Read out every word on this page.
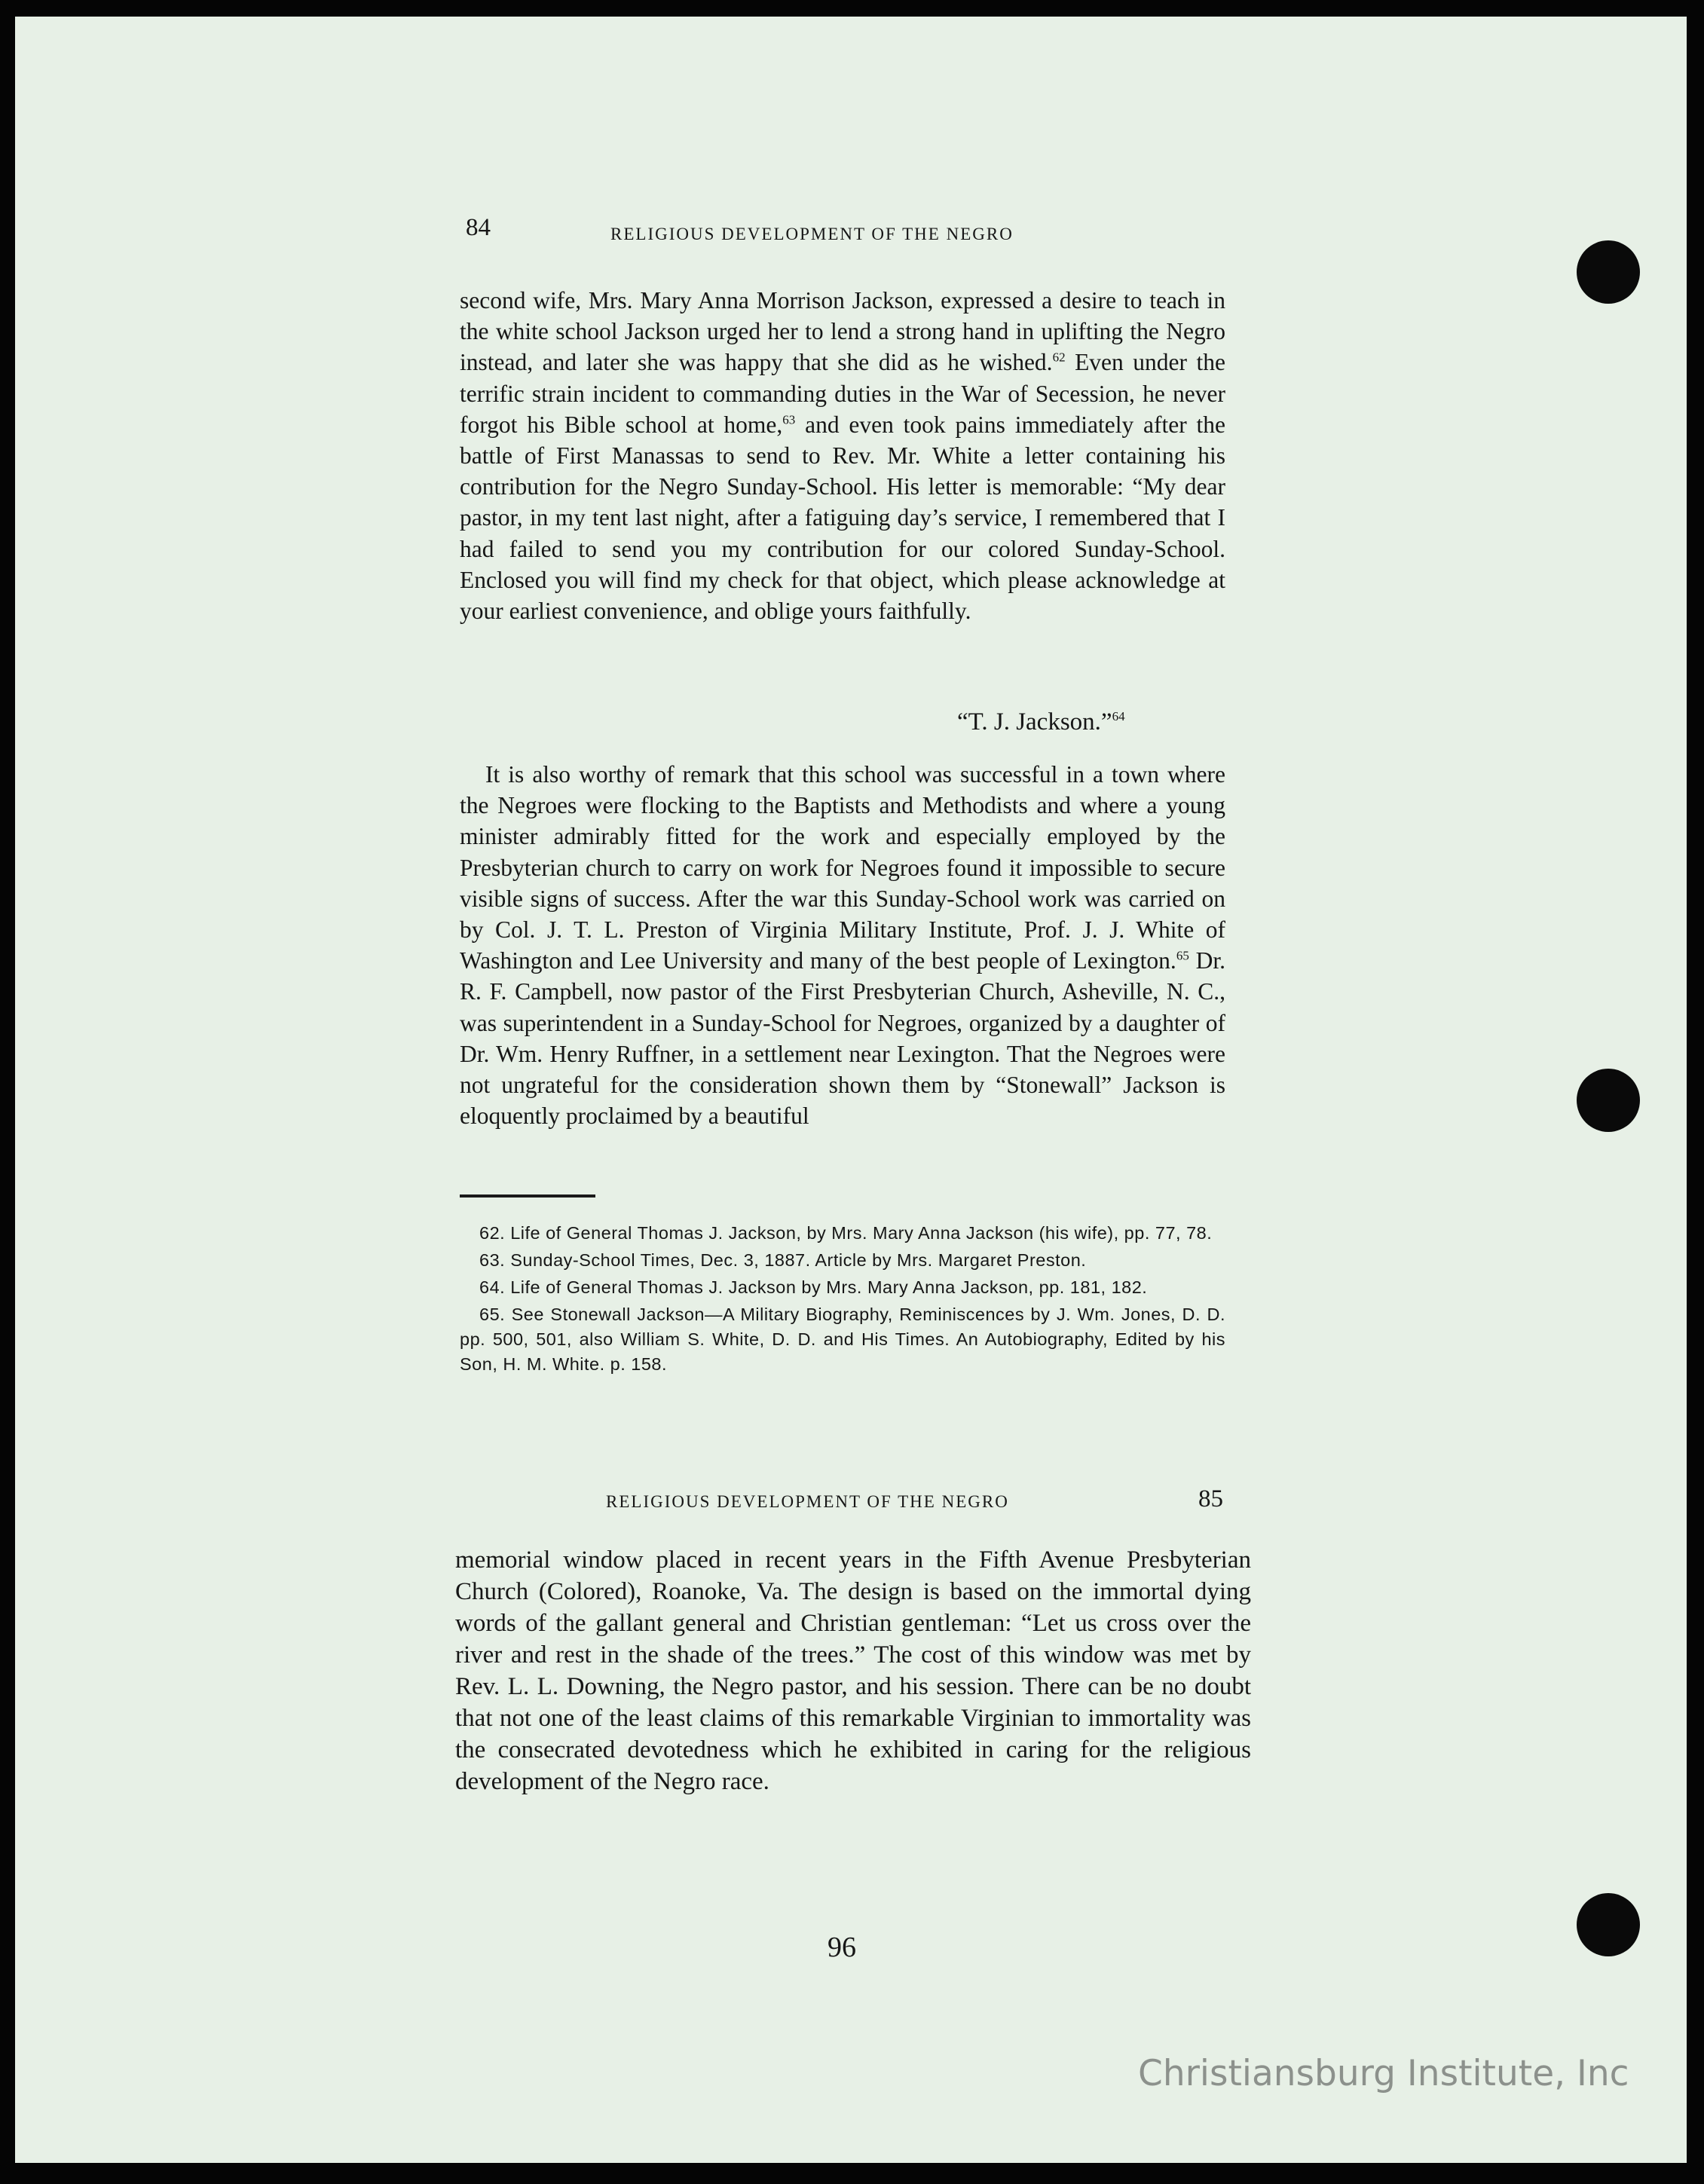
84	RELIGIOUS DEVELOPMENT OF THE NEGRO

second wife, Mrs. Mary Anna Morrison Jackson, expressed a desire to teach in the white school Jackson urged her to lend a strong hand in uplifting the Negro instead, and later she was happy that she did as he wished.$^{62}$ Even under the terrific strain incident to commanding duties in the War of Secession, he never forgot his Bible school at home,$^{63}$ and even took pains immediately after the battle of First Manassas to send to Rev. Mr. White a letter containing his contribution for the Negro Sunday-School. His letter is memorable: “My dear pastor, in my tent last night, after a fatiguing day’s service, I remembered that I had failed to send you my contribution for our colored Sunday-School. Enclosed you will find my check for that object, which please acknowledge at your earliest convenience, and oblige yours faithfully.

“T. J. Jackson.”$^{64}$

It is also worthy of remark that this school was successful in a town where the Negroes were flocking to the Baptists and Methodists and where a young minister admirably fitted for the work and especially employed by the Presbyterian church to carry on work for Negroes found it impossible to secure visible signs of success. After the war this Sunday-School work was carried on by Col. J. T. L. Preston of Virginia Military Institute, Prof. J. J. White of Washington and Lee University and many of the best people of Lexington.$^{65}$ Dr. R. F. Campbell, now pastor of the First Presbyterian Church, Asheville, N. C., was superintendent in a Sunday-School for Negroes, organized by a daughter of Dr. Wm. Henry Ruffner, in a settlement near Lexington. That the Negroes were not ungrateful for the consideration shown them by “Stonewall” Jackson is eloquently proclaimed by a beautiful

62. Life of General Thomas J. Jackson, by Mrs. Mary Anna Jackson (his wife), pp. 77, 78.

63. Sunday-School Times, Dec. 3, 1887. Article by Mrs. Margaret Preston.

64. Life of General Thomas J. Jackson by Mrs. Mary Anna Jackson, pp. 181, 182.

65. See Stonewall Jackson—A Military Biography, Reminiscences by J. Wm. Jones, D. D. pp. 500, 501, also William S. White, D. D. and His Times. An Autobiography, Edited by his Son, H. M. White. p. 158.

RELIGIOUS DEVELOPMENT OF THE NEGRO	85

memorial window placed in recent years in the Fifth Avenue Presbyterian Church (Colored), Roanoke, Va. The design is based on the immortal dying words of the gallant general and Christian gentleman: “Let us cross over the river and rest in the shade of the trees.” The cost of this window was met by Rev. L. L. Downing, the Negro pastor, and his session. There can be no doubt that not one of the least claims of this remarkable Virginian to immortality was the consecrated devotedness which he exhibited in caring for the religious development of the Negro race.

96
Christiansburg Institute, Inc
